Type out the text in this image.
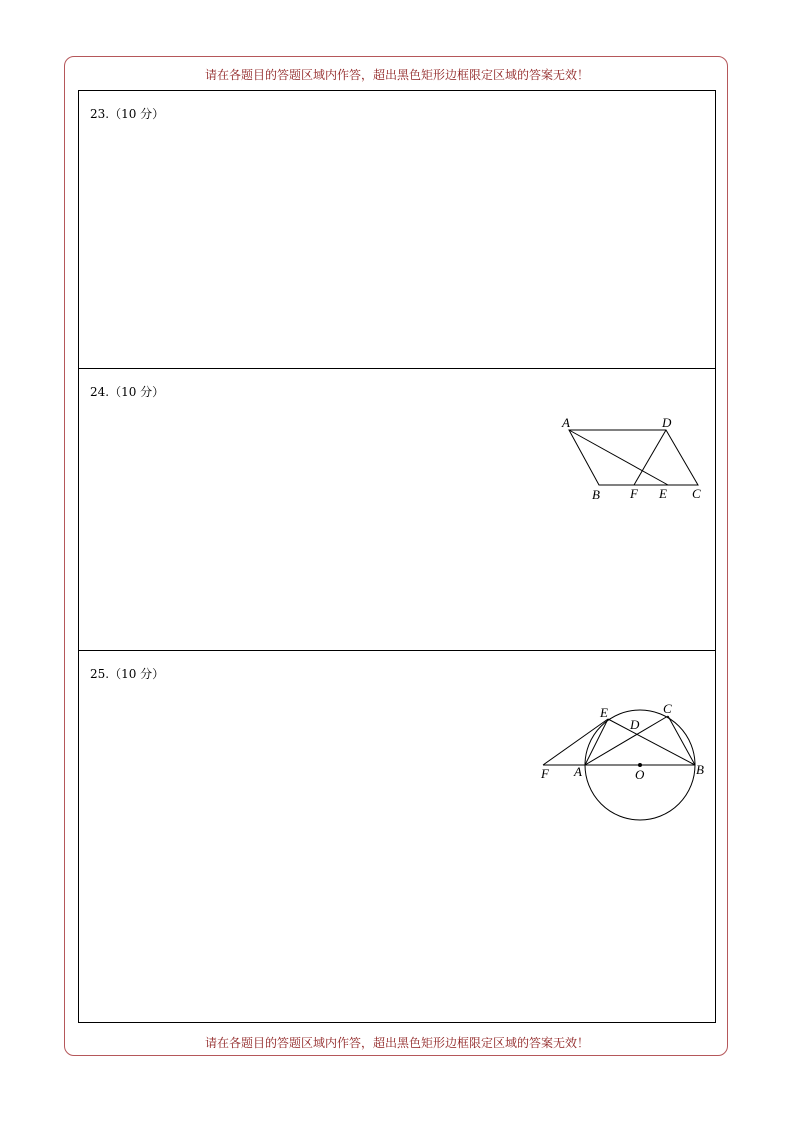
请在各题目的答题区域内作答，超出黑色矩形边框限定区域的答案无效！
23.（10 分）
24.（10 分）
A	D
B F E C
25.（10 分）
E	C
D
F A	O	B
请在各题目的答题区域内作答，超出黑色矩形边框限定区域的答案无效！
